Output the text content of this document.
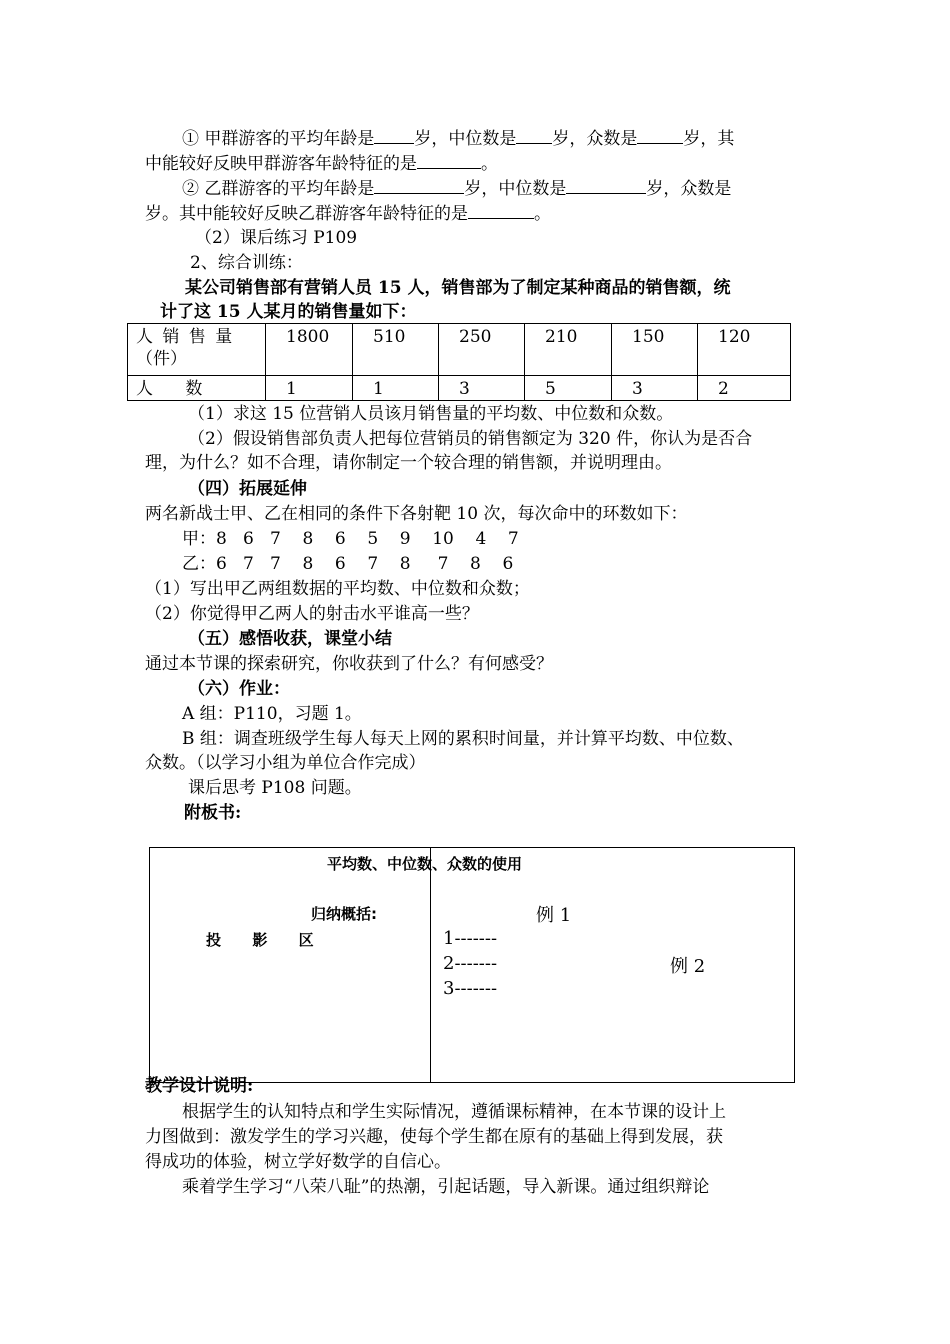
① 甲群游客的平均年龄是 岁，中位数是 岁，众数是	岁，其
中能较好反映甲群游客年龄特征的是	。
② 乙群游客的平均年龄是	岁，中位数是	岁，众数是
岁。其中能较好反映乙群游客年龄特征的是	。
（2）课后练习 P109
2、综合训练：
某公司销售部有营销人员 15 人，销售部为了制定某种商品的销售额，统
计了这 15 人某月的销售量如下：
人 销 售 量
（件）	1800	510	250	210	150	120
人      数	1	1	3	5	3	2
（1）求这 15 位营销人员该月销售量的平均数、中位数和众数。
（2）假设销售部负责人把每位营销员的销售额定为 320 件，你认为是否合
理，为什么？如不合理，请你制定一个较合理的销售额，并说明理由。
（四）拓展延伸
两名新战士甲、乙在相同的条件下各射靶 10 次，每次命中的环数如下：
甲：8   6   7    8    6    5    9    10    4    7
乙：6   7   7    8    6    7    8     7    8    6
（1）写出甲乙两组数据的平均数、中位数和众数；
（2）你觉得甲乙两人的射击水平谁高一些？
（五）感悟收获，课堂小结
通过本节课的探索研究，你收获到了什么？有何感受？
（六）作业：
A 组：P110，习题 1。
B 组：调查班级学生每人每天上网的累积时间量，并计算平均数、中位数、
众数。（以学习小组为单位合作完成）
课后思考 P108 问题。
附板书:
平均数、中位数、众数的使用
归纳概括:
投      影      区
例 1
1-------
2-------	例 2
3-------
教学设计说明:
根据学生的认知特点和学生实际情况，遵循课标精神，在本节课的设计上
力图做到：激发学生的学习兴趣，使每个学生都在原有的基础上得到发展，获
得成功的体验，树立学好数学的自信心。
乘着学生学习“八荣八耻”的热潮，引起话题，导入新课。通过组织辩论
